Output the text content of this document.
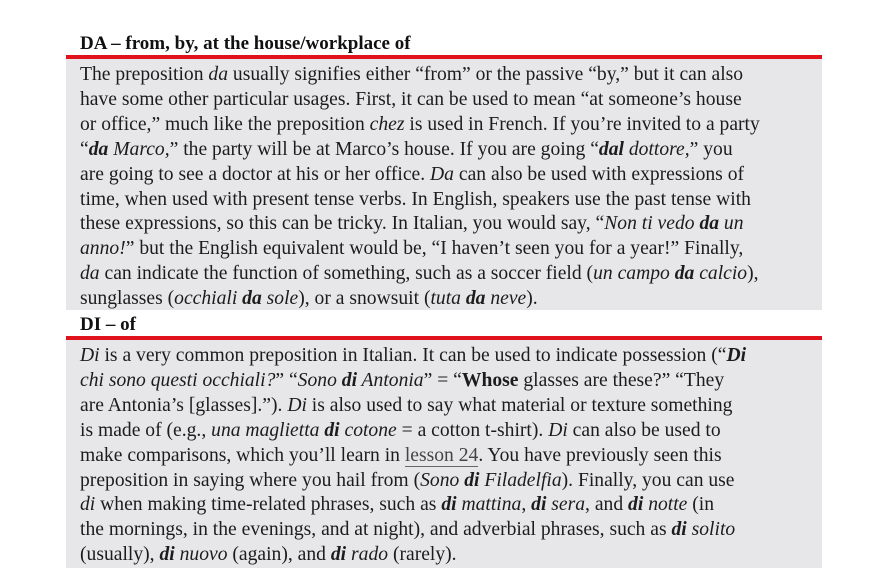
DA – from, by, at the house/workplace of
The preposition da usually signifies either “from” or the passive “by,” but it can also
have some other particular usages. First, it can be used to mean “at someone’s house
or office,” much like the preposition chez is used in French. If you’re invited to a party
“da Marco,” the party will be at Marco’s house. If you are going “dal dottore,” you
are going to see a doctor at his or her office. Da can also be used with expressions of
time, when used with present tense verbs. In English, speakers use the past tense with
these expressions, so this can be tricky. In Italian, you would say, “Non ti vedo da un
anno!” but the English equivalent would be, “I haven’t seen you for a year!” Finally,
da can indicate the function of something, such as a soccer field (un campo da calcio),
sunglasses (occhiali da sole), or a snowsuit (tuta da neve).
DI – of
Di is a very common preposition in Italian. It can be used to indicate possession (“Di
chi sono questi occhiali?” “Sono di Antonia” = “Whose glasses are these?” “They
are Antonia’s [glasses].”). Di is also used to say what material or texture something
is made of (e.g., una maglietta di cotone = a cotton t-shirt). Di can also be used to
make comparisons, which you’ll learn in lesson 24. You have previously seen this
preposition in saying where you hail from (Sono di Filadelfia). Finally, you can use
di when making time-related phrases, such as di mattina, di sera, and di notte (in
the mornings, in the evenings, and at night), and adverbial phrases, such as di solito
(usually), di nuovo (again), and di rado (rarely).
